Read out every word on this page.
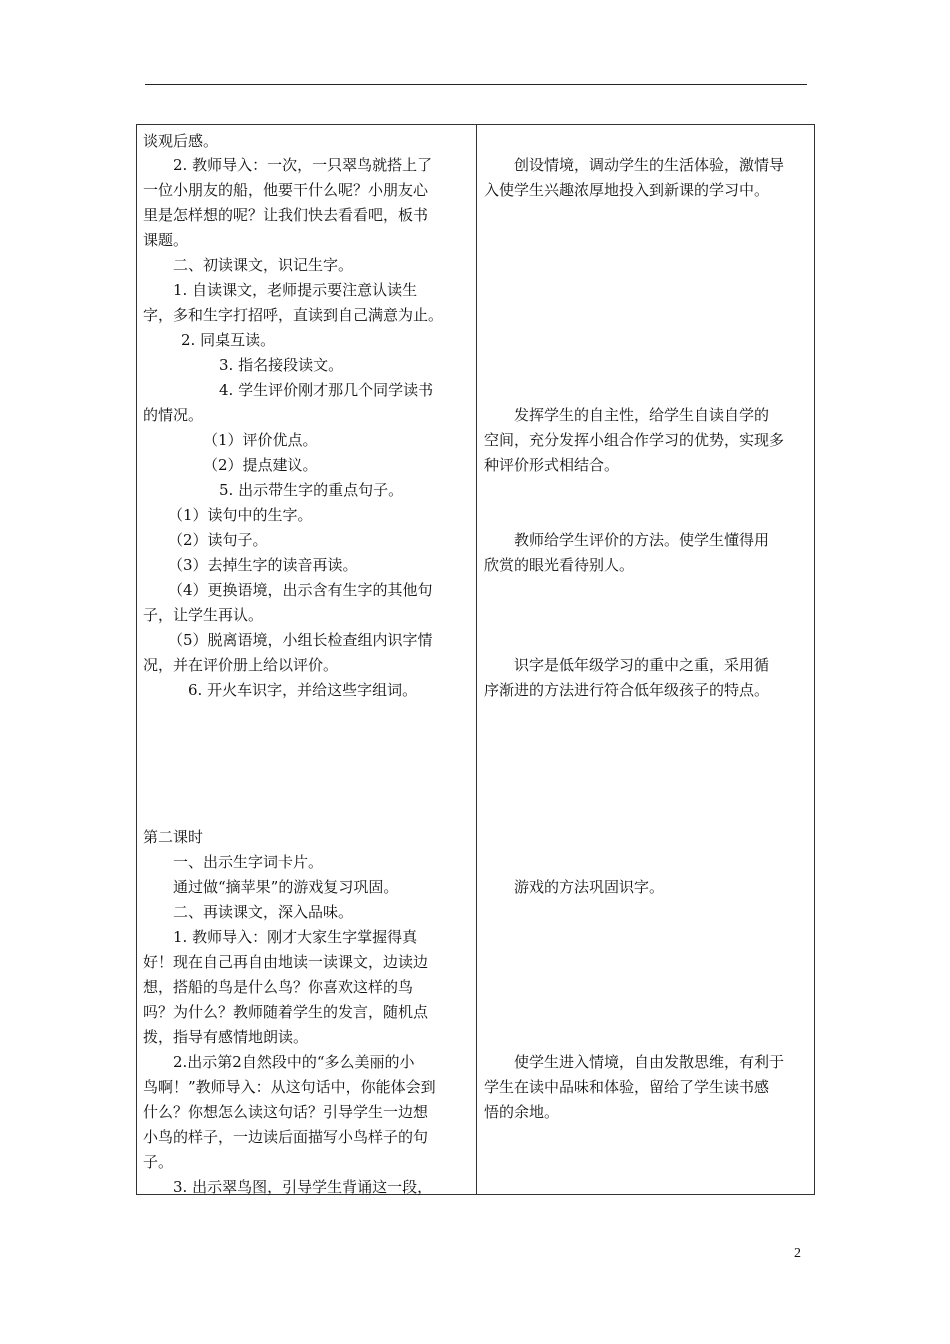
谈观后感。
2. 教师导入：一次，一只翠鸟就搭上了
一位小朋友的船，他要干什么呢？小朋友心
里是怎样想的呢？让我们快去看看吧，板书
课题。
二、初读课文，识记生字。
1. 自读课文，老师提示要注意认读生
字，多和生字打招呼，直读到自己满意为止。
2. 同桌互读。
3. 指名接段读文。
4. 学生评价刚才那几个同学读书
的情况。
（1）评价优点。
（2）提点建议。
5. 出示带生字的重点句子。
（1）读句中的生字。
（2）读句子。
（3）去掉生字的读音再读。
（4）更换语境，出示含有生字的其他句
子，让学生再认。
（5）脱离语境，小组长检查组内识字情
况，并在评价册上给以评价。
6. 开火车识字，并给这些字组词。
第二课时
一、出示生字词卡片。
通过做“摘苹果”的游戏复习巩固。
二、再读课文，深入品味。
1. 教师导入：刚才大家生字掌握得真
好！现在自己再自由地读一读课文，边读边
想，搭船的鸟是什么鸟？你喜欢这样的鸟
吗？为什么？教师随着学生的发言，随机点
拨，指导有感情地朗读。
2.出示第2自然段中的“多么美丽的小
鸟啊！”教师导入：从这句话中，你能体会到
什么？你想怎么读这句话？引导学生一边想
小鸟的样子，一边读后面描写小鸟样子的句
子。
3. 出示翠鸟图，引导学生背诵这一段，
创设情境，调动学生的生活体验，激情导
入使学生兴趣浓厚地投入到新课的学习中。
发挥学生的自主性，给学生自读自学的
空间，充分发挥小组合作学习的优势，实现多
种评价形式相结合。
教师给学生评价的方法。使学生懂得用
欣赏的眼光看待别人。
识字是低年级学习的重中之重，采用循
序渐进的方法进行符合低年级孩子的特点。
游戏的方法巩固识字。
使学生进入情境，自由发散思维，有利于
学生在读中品味和体验，留给了学生读书感
悟的余地。
2
